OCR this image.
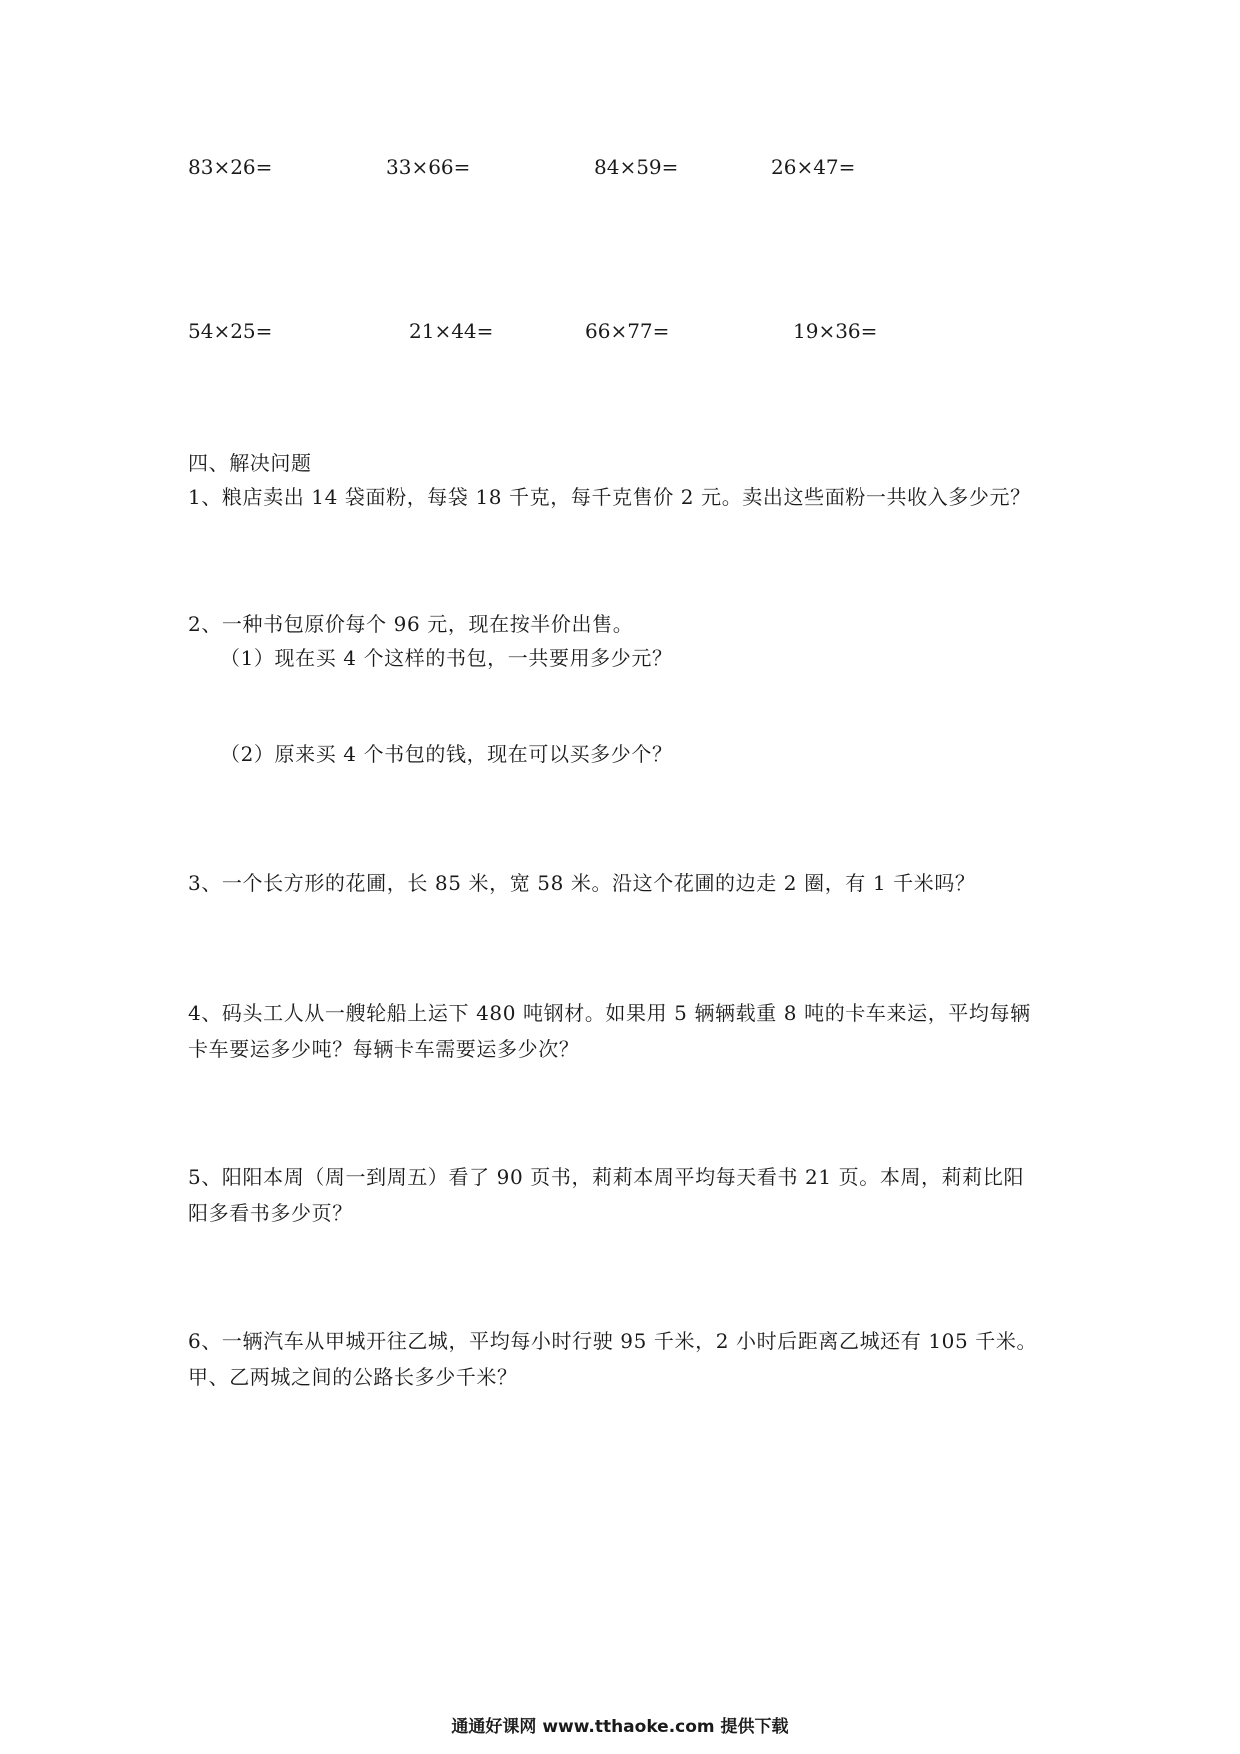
83×26=	33×66=	84×59=	26×47=
54×25=	21×44=	66×77=	19×36=
四、解决问题
1、粮店卖出 14 袋面粉，每袋 18 千克，每千克售价 2 元。卖出这些面粉一共收入多少元？
2、一种书包原价每个 96 元，现在按半价出售。
（1）现在买 4 个这样的书包，一共要用多少元？
（2）原来买 4 个书包的钱，现在可以买多少个？
3、一个长方形的花圃，长 85 米，宽 58 米。沿这个花圃的边走 2 圈，有 1 千米吗？
4、码头工人从一艘轮船上运下 480 吨钢材。如果用 5 辆辆载重 8 吨的卡车来运，平均每辆
卡车要运多少吨？每辆卡车需要运多少次？
5、阳阳本周（周一到周五）看了 90 页书，莉莉本周平均每天看书 21 页。本周，莉莉比阳
阳多看书多少页？
6、一辆汽车从甲城开往乙城，平均每小时行驶 95 千米，2 小时后距离乙城还有 105 千米。
甲、乙两城之间的公路长多少千米？
通通好课网 www.tthaoke.com 提供下载
